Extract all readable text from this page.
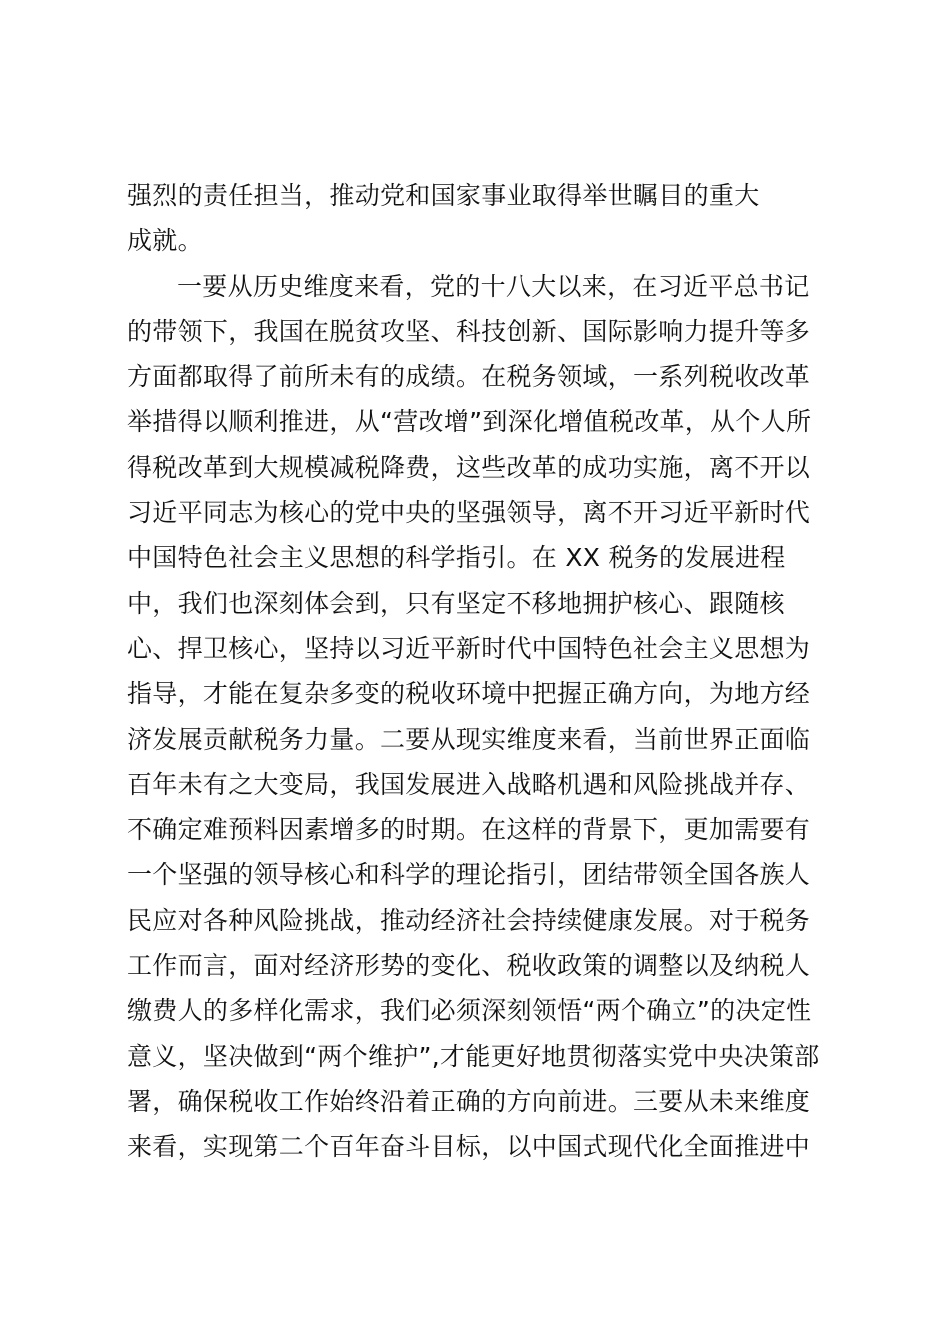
强烈的责任担当，推动党和国家事业取得举世瞩目的重大
成就。
一要从历史维度来看，党的十八大以来，在习近平总书记
的带领下，我国在脱贫攻坚、科技创新、国际影响力提升等多
方面都取得了前所未有的成绩。在税务领域，一系列税收改革
举措得以顺利推进，从“营改增”到深化增值税改革，从个人所
得税改革到大规模减税降费，这些改革的成功实施，离不开以
习近平同志为核心的党中央的坚强领导，离不开习近平新时代
中国特色社会主义思想的科学指引。在 XX 税务的发展进程
中，我们也深刻体会到，只有坚定不移地拥护核心、跟随核
心、捍卫核心，坚持以习近平新时代中国特色社会主义思想为
指导，才能在复杂多变的税收环境中把握正确方向，为地方经
济发展贡献税务力量。二要从现实维度来看，当前世界正面临
百年未有之大变局，我国发展进入战略机遇和风险挑战并存、
不确定难预料因素增多的时期。在这样的背景下，更加需要有
一个坚强的领导核心和科学的理论指引，团结带领全国各族人
民应对各种风险挑战，推动经济社会持续健康发展。对于税务
工作而言，面对经济形势的变化、税收政策的调整以及纳税人
缴费人的多样化需求，我们必须深刻领悟“两个确立”的决定性
意义，坚决做到“两个维护”,才能更好地贯彻落实党中央决策部
署，确保税收工作始终沿着正确的方向前进。三要从未来维度
来看，实现第二个百年奋斗目标，以中国式现代化全面推进中
